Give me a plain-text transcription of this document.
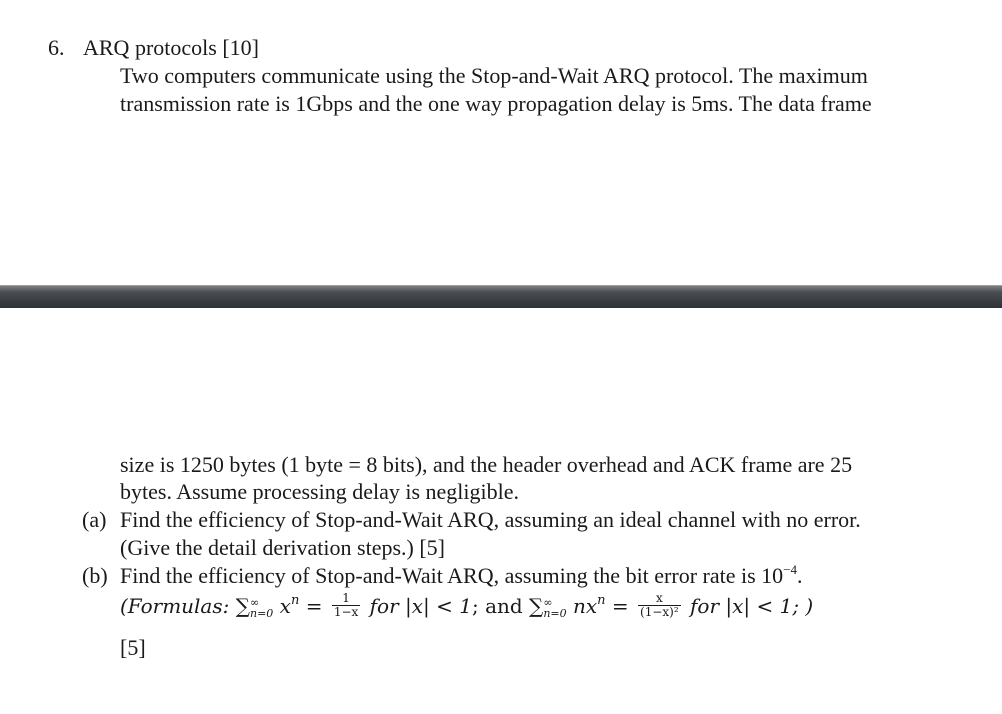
6. ARQ protocols [10]
Two computers communicate using the Stop-and-Wait ARQ protocol. The maximum
transmission rate is 1Gbps and the one way propagation delay is 5ms. The data frame
size is 1250 bytes (1 byte = 8 bits), and the header overhead and ACK frame are 25
bytes. Assume processing delay is negligible.
(a) Find the efficiency of Stop-and-Wait ARQ, assuming an ideal channel with no error.
(Give the detail derivation steps.) [5]
(b) Find the efficiency of Stop-and-Wait ARQ, assuming the bit error rate is $10^{-4}$.
(Formulas: ∑ ∞
n=0 $x^n = \frac{1}{1-x}$ for |x| < 1; and ∑ ∞
n=0 $nx^n = \frac{x}{\text{(1−x)²}}$ for |x| < 1; )
[5]
